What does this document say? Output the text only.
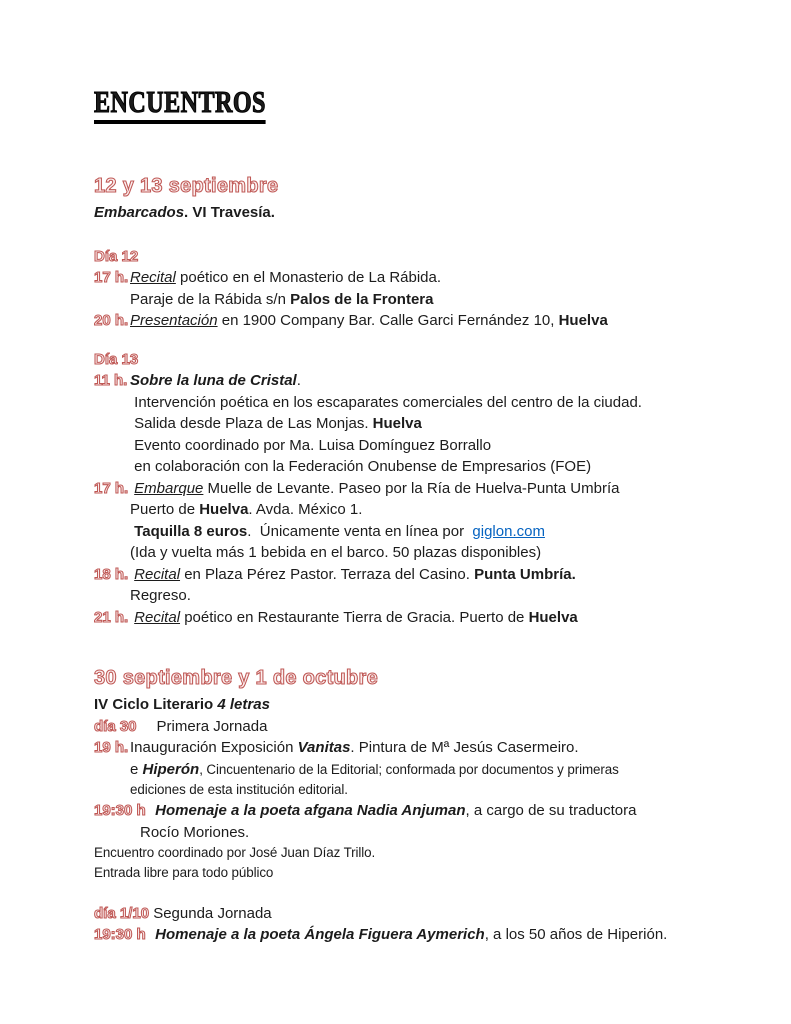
ENCUENTROS
12 y 13 septiembre
Embarcados. VI Travesía.
Día 12
17 h. Recital poético en el Monasterio de La Rábida.
Paraje de la Rábida s/n Palos de la Frontera
20 h. Presentación en 1900 Company Bar. Calle Garci Fernández 10, Huelva
Día 13
11 h. Sobre la luna de Cristal.
Intervención poética en los escaparates comerciales del centro de la ciudad.
Salida desde Plaza de Las Monjas. Huelva
Evento coordinado por Ma. Luisa Domínguez Borrallo
en colaboración con la Federación Onubense de Empresarios (FOE)
17 h. Embarque Muelle de Levante. Paseo por la Ría de Huelva-Punta Umbría
Puerto de Huelva. Avda. México 1.
Taquilla 8 euros.  Únicamente venta en línea por  giglon.com
(Ida y vuelta más 1 bebida en el barco. 50 plazas disponibles)
18 h. Recital en Plaza Pérez Pastor. Terraza del Casino. Punta Umbría.
Regreso.
21 h. Recital poético en Restaurante Tierra de Gracia. Puerto de Huelva
30 septiembre y 1 de octubre
IV Ciclo Literario 4 letras
día 30 Primera Jornada
19 h. Inauguración Exposición Vanitas. Pintura de Mª Jesús Casermeiro.
e Hiperón, Cincuentenario de la Editorial; conformada por documentos y primeras
ediciones de esta institución editorial.
19:30 h Homenaje a la poeta afgana Nadia Anjuman, a cargo de su traductora
Rocío Moriones.
Encuentro coordinado por José Juan Díaz Trillo.
Entrada libre para todo público
día 1/10 Segunda Jornada
19:30 h Homenaje a la poeta Ángela Figuera Aymerich, a los 50 años de Hiperión.
